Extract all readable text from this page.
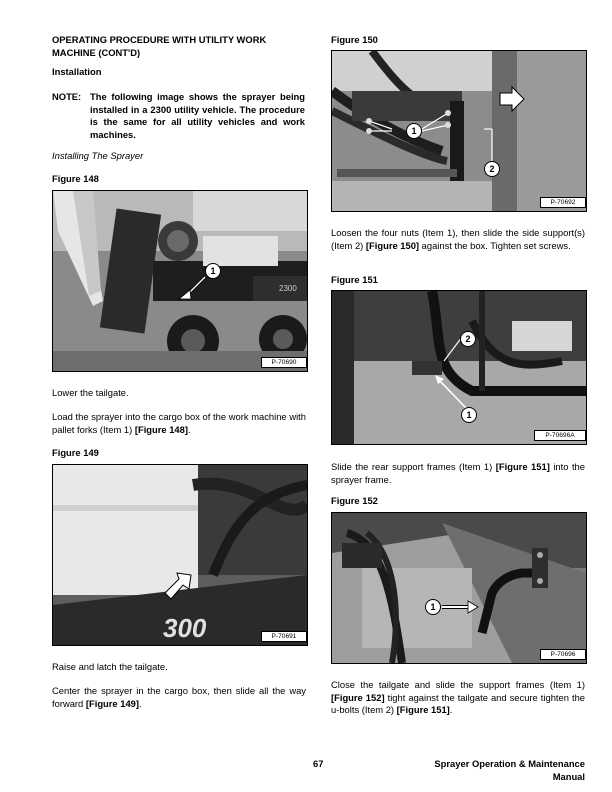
OPERATING PROCEDURE WITH UTILITY WORK MACHINE (CONT'D)
Installation
NOTE: The following image shows the sprayer being installed in a 2300 utility vehicle. The procedure is the same for all utility vehicles and work machines.
Installing The Sprayer
Figure 148
2300
1
P-70690
Lower the tailgate.
Load the sprayer into the cargo box of the work machine with pallet forks (Item 1) [Figure 148].
Figure 149
300	P-70691
Raise and latch the tailgate.
Center the sprayer in the cargo box, then slide all the way forward [Figure 149].
Figure 150
1
2
P-70692
Loosen the four nuts (Item 1), then slide the side support(s) (Item 2) [Figure 150] against the box. Tighten set screws.
Figure 151
2
1
P-70696A
Slide the rear support frames (Item 1) [Figure 151] into the sprayer frame.
Figure 152
1
P-70696
Close the tailgate and slide the support frames (Item 1) [Figure 152] tight against the tailgate and secure tighten the u-bolts (Item 2) [Figure 151].
67	Sprayer Operation & Maintenance Manual
